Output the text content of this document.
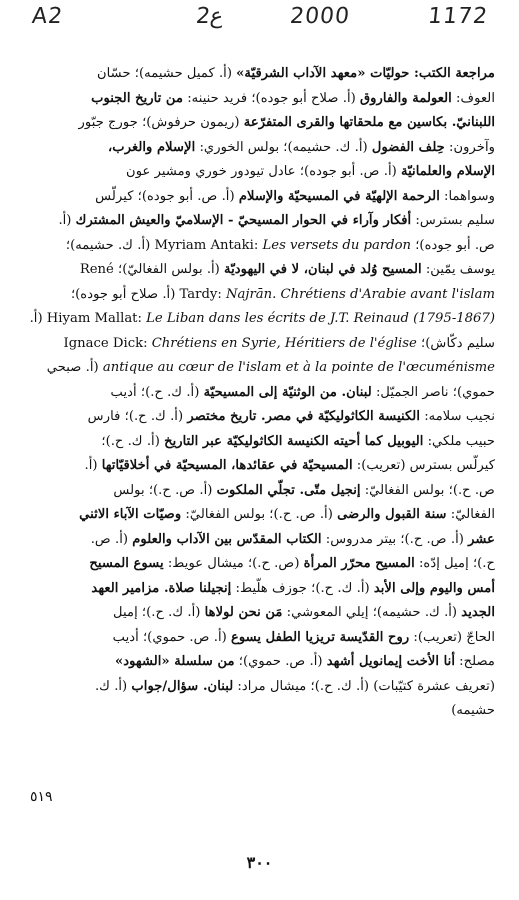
A2	2ع	2000	1172
مراجعة الكتب: حوليّات «معهد الآداب الشرقيّة» (أ. كميل حشيمه)؛ حسّان
العوف: العولمة والفاروق (أ. صلاح أبو جوده)؛ فريد حنينه: من تاريخ الجنوب
اللبنانيّ. بكاسين مع ملحقاتها والقرى المتفرّعة (ريمون حرفوش)؛ جورج جبّور
وآخرون: حِلف الفضول (أ. ك. حشيمه)؛ بولس الخوري: الإسلام والغرب،
الإسلام والعلمانيّة (أ. ص. أبو جوده)؛ عادل تيودور خوري ومشير عون
وسواهما: الرحمة الإلهيّة في المسيحيّة والإسلام (أ. ص. أبو جوده)؛ كيرلّس
سليم بسترس: أفكار وآراء في الحوار المسيحيّ - الإسلاميّ والعيش المشترك (أ.
ص. أبو جوده)؛ Myriam Antaki: Les versets du pardon (أ. ك. حشيمه)؛
يوسف يمّين: المسيح وُلد في لبنان، لا في اليهوديّة (أ. بولس الفغاليّ)؛ René
Tardy: Najrān. Chrétiens d'Arabie avant l'islam (أ. صلاح أبو جوده)؛
Hiyam Mallat: Le Liban dans les écrits de J.T. Reinaud (1795-1867) (أ.
سليم دكّاش)؛ Ignace Dick: Chrétiens en Syrie, Héritiers de l'église
antique au cœur de l'islam et à la pointe de l'œcuménisme (أ. صبحي
حموي)؛ ناصر الجميّل: لبنان. من الوثنيّة إلى المسيحيّة (أ. ك. ح.)؛ أديب
نجيب سلامه: الكنيسة الكاثوليكيّة في مصر. تاريخ مختصر (أ. ك. ح.)؛ فارس
حبيب ملكي: اليوبيل كما أحيته الكنيسة الكاثوليكيّة عبر التاريخ (أ. ك. ح.)؛
كيرلّس بسترس (تعريب): المسيحيّة في عقائدها، المسيحيّة في أخلاقيّاتها (أ.
ص. ح.)؛ بولس الفغاليّ: إنجيل متّى. تجلّي الملكوت (أ. ص. ح.)؛ بولس
الفغاليّ: سنة القبول والرضى (أ. ص. ح.)؛ بولس الفغاليّ: وصيّات الآباء الاثني
عشر (أ. ص. ح.)؛ بيتر مدروس: الكتاب المقدّس بين الآداب والعلوم (أ. ص.
ح.)؛ إميل إدّه: المسيح محرّر المرأة (ص. ح.)؛ ميشال عويط: يسوع المسيح
أمس واليوم وإلى الأبد (أ. ك. ح.)؛ جوزف هلّيط: إنجيلنا صلاة. مزامير العهد
الجديد (أ. ك. حشيمه)؛ إيلي المعوشي: مَن نحن لولاها (أ. ك. ح.)؛ إميل
الحاجّ (تعريب): روح القدّيسة تريزيا الطفل يسوع (أ. ص. حموي)؛ أديب
مصلح: أنا الأخت إيمانويل أشهد (أ. ص. حموي)؛ من سلسلة «الشهود»
(تعريف عشرة كتيّبات) (أ. ك. ح.)؛ ميشال مراد: لبنان. سؤال/جواب (أ. ك.
حشيمه)
٥١٩
٣٠٠
